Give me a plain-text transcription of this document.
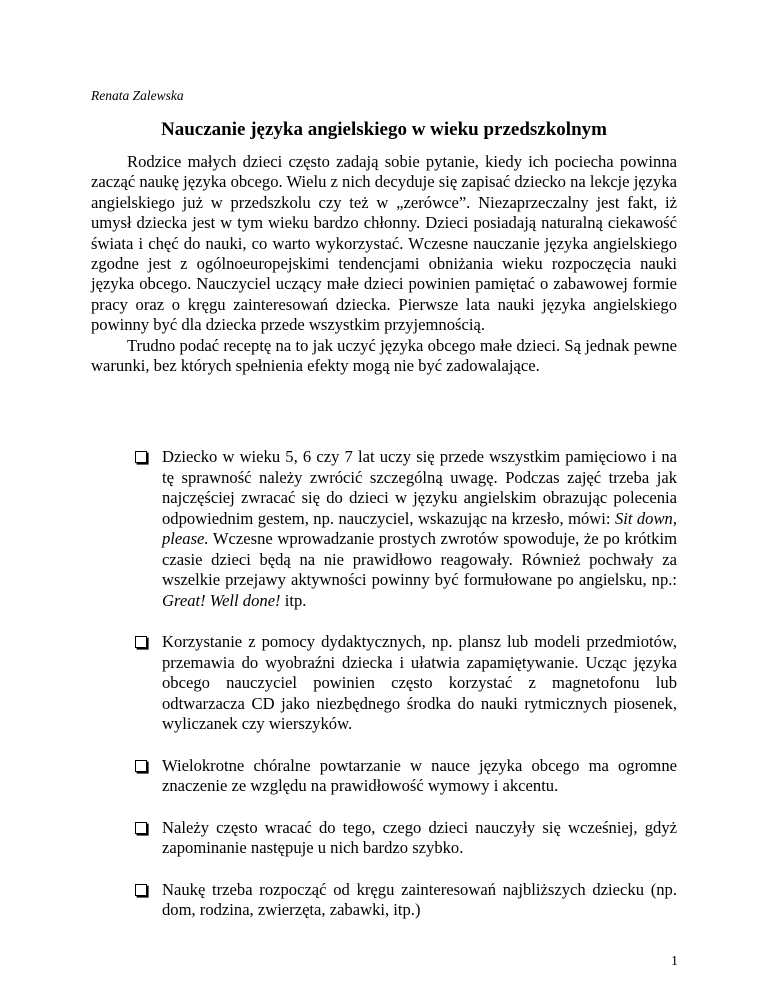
Renata Zalewska
Nauczanie języka angielskiego w wieku przedszkolnym

Rodzice małych dzieci często zadają sobie pytanie, kiedy ich pociecha powinna zacząć naukę języka obcego. Wielu z nich decyduje się zapisać dziecko na lekcje języka angielskiego już w przedszkolu czy też w „zerówce”. Niezaprzeczalny jest fakt, iż umysł dziecka jest w tym wieku bardzo chłonny. Dzieci posiadają naturalną ciekawość świata i chęć do nauki, co warto wykorzystać. Wczesne nauczanie języka angielskiego zgodne jest z ogólnoeuropejskimi tendencjami obniżania wieku rozpoczęcia nauki języka obcego. Nauczyciel uczący małe dzieci powinien pamiętać o zabawowej formie pracy oraz o kręgu zainteresowań dziecka. Pierwsze lata nauki języka angielskiego powinny być dla dziecka przede wszystkim przyjemnością.

Trudno podać receptę na to jak uczyć języka obcego małe dzieci. Są jednak pewne warunki, bez których spełnienia efekty mogą nie być zadowalające.

Dziecko w wieku 5, 6 czy 7 lat uczy się przede wszystkim pamięciowo i na tę sprawność należy zwrócić szczególną uwagę. Podczas zajęć trzeba jak najczęściej zwracać się do dzieci w języku angielskim obrazując polecenia odpowiednim gestem, np. nauczyciel, wskazując na krzesło, mówi: Sit down, please. Wczesne wprowadzanie prostych zwrotów spowoduje, że po krótkim czasie dzieci będą na nie prawidłowo reagowały. Również pochwały za wszelkie przejawy aktywności powinny być formułowane po angielsku, np.: Great! Well done! itp.
Korzystanie z pomocy dydaktycznych, np. plansz lub modeli przedmiotów, przemawia do wyobraźni dziecka i ułatwia zapamiętywanie. Ucząc języka obcego nauczyciel powinien często korzystać z magnetofonu lub odtwarzacza CD jako niezbędnego środka do nauki rytmicznych piosenek, wyliczanek czy wierszyków.
Wielokrotne chóralne powtarzanie w nauce języka obcego ma ogromne znaczenie ze względu na prawidłowość wymowy i akcentu.
Należy często wracać do tego, czego dzieci nauczyły się wcześniej, gdyż zapominanie następuje u nich bardzo szybko.
Naukę trzeba rozpocząć od kręgu zainteresowań najbliższych dziecku (np. dom, rodzina, zwierzęta, zabawki, itp.)
1
